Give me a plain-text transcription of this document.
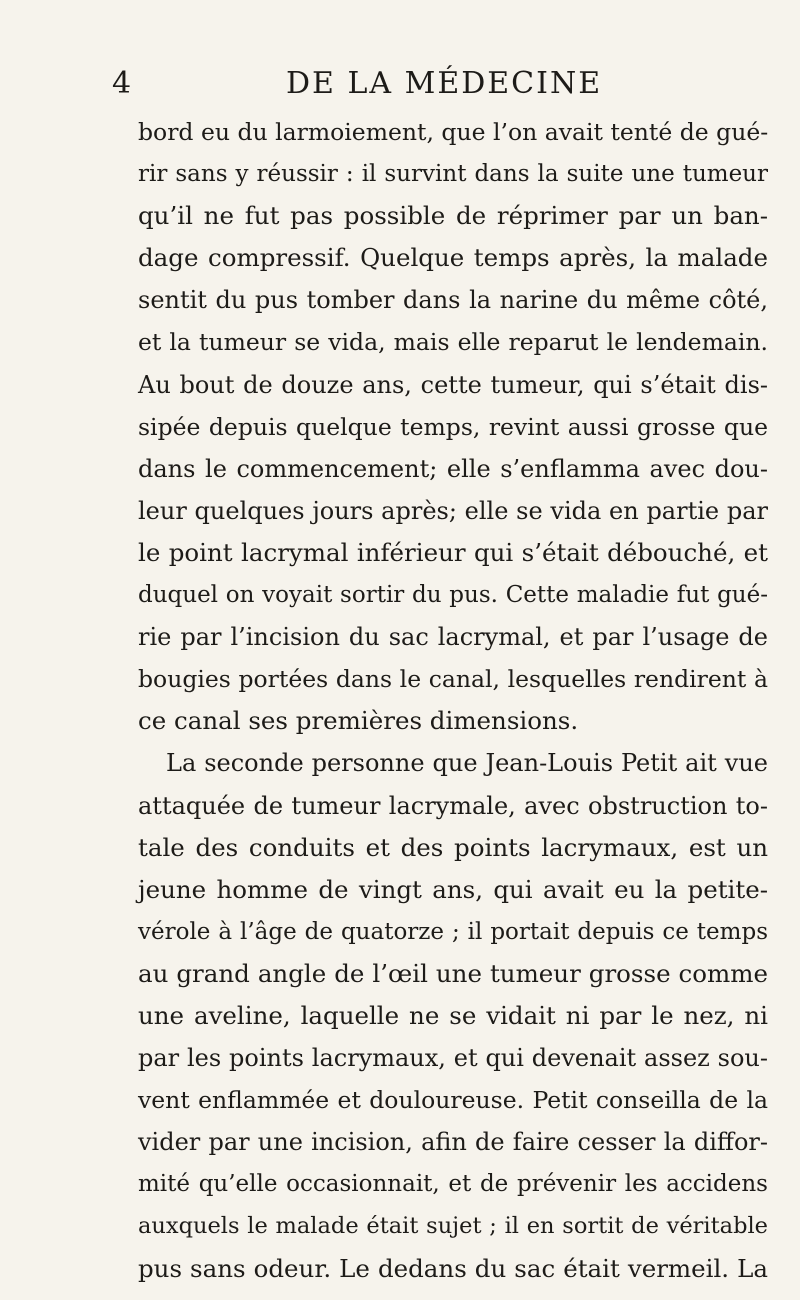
4	DE LA MÉDECINE
bord eu du larmoiement, que l’on avait tenté de gué-
rir sans y réussir : il survint dans la suite une tumeur
qu’il ne fut pas possible de réprimer par un ban-
dage compressif. Quelque temps après, la malade
sentit du pus tomber dans la narine du même côté,
et la tumeur se vida, mais elle reparut le lendemain.
Au bout de douze ans, cette tumeur, qui s’était dis-
sipée depuis quelque temps, revint aussi grosse que
dans le commencement; elle s’enflamma avec dou-
leur quelques jours après; elle se vida en partie par
le point lacrymal inférieur qui s’était débouché, et
duquel on voyait sortir du pus. Cette maladie fut gué-
rie par l’incision du sac lacrymal, et par l’usage de
bougies portées dans le canal, lesquelles rendirent à
ce canal ses premières dimensions.
La seconde personne que Jean-Louis Petit ait vue
attaquée de tumeur lacrymale, avec obstruction to-
tale des conduits et des points lacrymaux, est un
jeune homme de vingt ans, qui avait eu la petite-
vérole à l’âge de quatorze ; il portait depuis ce temps
au grand angle de l’œil une tumeur grosse comme
une aveline, laquelle ne se vidait ni par le nez, ni
par les points lacrymaux, et qui devenait assez sou-
vent enflammée et douloureuse. Petit conseilla de la
vider par une incision, afin de faire cesser la diffor-
mité qu’elle occasionnait, et de prévenir les accidens
auxquels le malade était sujet ; il en sortit de véritable
pus sans odeur. Le dedans du sac était vermeil. La
